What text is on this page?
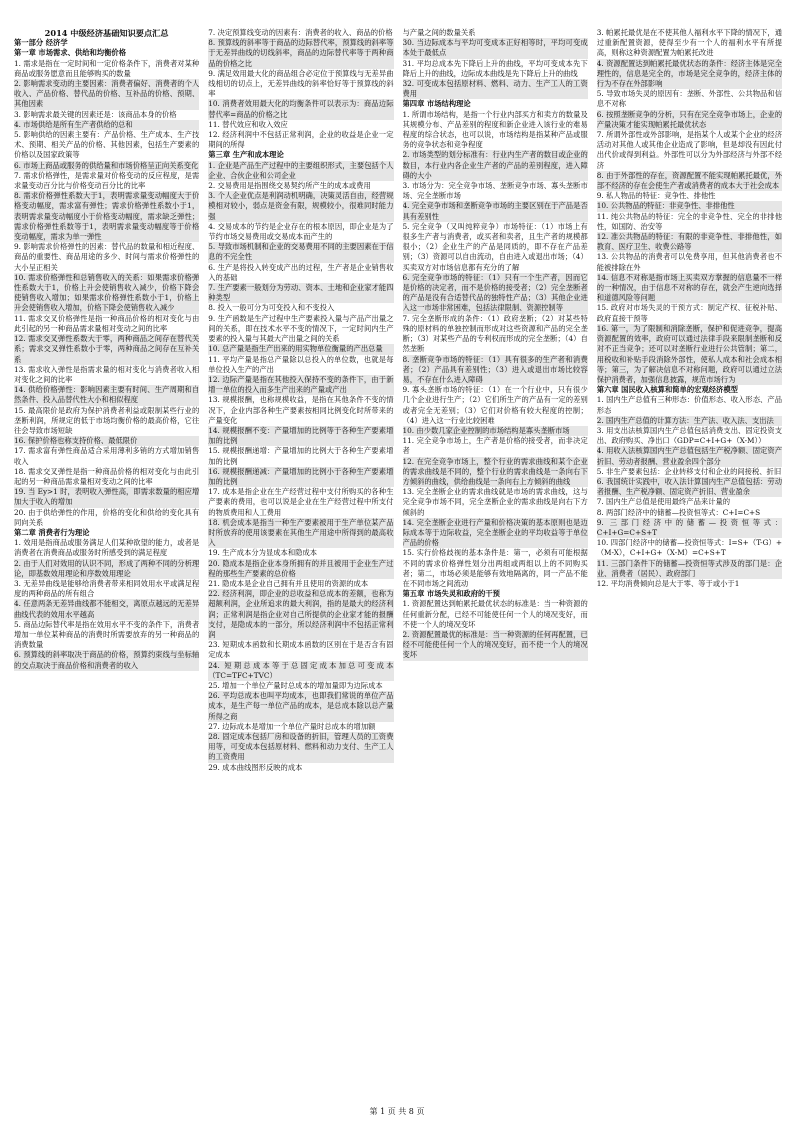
2014 中级经济基础知识要点汇总

第一部分 经济学

第一章 市场需求、供给和均衡价格

1. 需求是指在一定时间和一定价格条件下，消费者对某种商品或服务愿意而且能够购买的数量

2. 影响需求变动的主要因素：消费者偏好、消费者的个人收入、产品价格、替代品的价格、互补品的价格、预期、其他因素

3. 影响需求最关键的因素还是：该商品本身的价格

4. 市场供给是所有生产者供给的总和

5. 影响供给的因素主要有：产品价格、生产成本、生产技术、预期、相关产品的价格、其他因素，包括生产要素的价格以及国家政策等

6. 市场上商品或服务的供给量和市场价格呈正向关系变化

7. 需求价格弹性，是需求量对价格变动的反应程度，是需求量变动百分比与价格变动百分比的比率

8. 需求价格弹性系数大于1，表明需求量变动幅度大于价格变动幅度，需求富有弹性；需求价格弹性系数小于1，表明需求量变动幅度小于价格变动幅度，需求缺乏弹性；需求价格弹性系数等于1，表明需求量变动幅度等于价格变动幅度，需求为单一弹性

9. 影响需求价格弹性的因素：替代品的数量和相近程度、商品的重要性、商品用途的多少、时间与需求价格弹性的大小呈正相关

10. 需求价格弹性和总销售收入的关系：如果需求价格弹性系数大于1，价格上升会使销售收入减少，价格下降会使销售收入增加；如果需求价格弹性系数小于1，价格上升会使销售收入增加，价格下降会使销售收入减少

11. 需求交叉价格弹性是指一种商品价格的相对变化与由此引起的另一种商品需求量相对变动之间的比率

12. 需求交叉弹性系数大于零，两种商品之间存在替代关系；需求交叉弹性系数小于零，两种商品之间存在互补关系

13. 需求收入弹性是指需求量的相对变化与消费者收入相对变化之间的比率

14. 供给价格弹性：影响因素主要有时间、生产周期和自然条件、投入品替代性大小和相似程度

15. 最高限价是政府为保护消费者利益或限制某些行业的垄断利润，所规定的低于市场均衡价格的最高价格，它往往会导致市场短缺

16. 保护价格也称支持价格、最低限价

17. 需求富有弹性商品适合采用薄利多销的方式增加销售收入

18. 需求交叉弹性是指一种商品价格的相对变化与由此引起的另一种商品需求量相对变动之间的比率

19. 当 Ey>1 时，表明收入弹性高，即需求数量的相应增加大于收入的增加

20. 由于供给弹性的作用，价格的变化和供给的变化具有同向关系

第二章 消费者行为理论

1. 效用是指商品或服务满足人们某种欲望的能力，或者是消费者在消费商品或服务时所感受到的满足程度

2. 由于人们对效用的认识不同，形成了两种不同的分析理论，即基数效用理论和序数效用理论

3. 无差异曲线是能够给消费者带来相同效用水平或满足程度的两种商品的所有组合

4. 任意两条无差异曲线都不能相交，离原点越远的无差异曲线代表的效用水平越高

5. 商品边际替代率是指在效用水平不变的条件下，消费者增加一单位某种商品的消费时所需要放弃的另一种商品的消费数量

6. 预算线的斜率取决于商品的价格，预算约束线与坐标轴的交点取决于商品价格和消费者的收入

7. 决定预算线变动的因素有：消费者的收入、商品的价格

8. 预算线的斜率等于商品的边际替代率，预算线的斜率等于无差异曲线的切线斜率，商品的边际替代率等于两种商品的价格之比

9. 满足效用最大化的商品组合必定位于预算线与无差异曲线相切的切点上，无差异曲线的斜率恰好等于预算线的斜率

10. 消费者效用最大化的均衡条件可以表示为：商品边际替代率=商品的价格之比

11. 替代效应和收入效应

12. 经济利润中不包括正常利润，企业的收益是企业一定期间的所得

第三章 生产和成本理论

1. 企业是产品生产过程中的主要组织形式，主要包括个人企业、合伙企业和公司企业

2. 交易费用是指围绕交易契约所产生的成本或费用

3. 个人企业优点是利润动机明确，决策灵活自由，经营规模相对较小，弱点是资金有限，规模较小，很难同时能力强

4. 交易成本的节约是企业存在的根本原因，即企业是为了节约市场交易费用或交易成本而产生的

5. 导致市场机制和企业的交易费用不同的主要因素在于信息的不完全性

6. 生产是将投入转变成产出的过程，生产者是企业销售收入的基础

7. 生产要素一般划分为劳动、资本、土地和企业家才能四种类型

8. 投入一般可分为可变投入和不变投入

9. 生产函数是生产过程中生产要素投入量与产品产出量之间的关系，即在技术水平不变的情况下，一定时间内生产要素的投入量与其最大产出量之间的关系

10. 总产量是指生产出来的用实物单位衡量的产出总量

11. 平均产量是指总产量除以总投入的单位数，也就是每单位投入生产的产出

12. 边际产量是指在其他投入保持不变的条件下，由于新增一单位的投入而多生产出来的产量或产出

13. 规模报酬，也称规模收益，是指在其他条件不变的情况下，企业内部各种生产要素按相同比例变化时所带来的产量变化

14. 规模报酬不变：产量增加的比例等于各种生产要素增加的比例

15. 规模报酬递增：产量增加的比例大于各种生产要素增加的比例

16. 规模报酬递减：产量增加的比例小于各种生产要素增加的比例

17. 成本是指企业在生产经营过程中支付所购买的各种生产要素的费用，也可以说是企业在生产经营过程中所支付的物质费用和人工费用

18. 机会成本是指当一种生产要素被用于生产单位某产品时所放弃的使用该要素在其他生产用途中所得到的最高收入

19. 生产成本分为显成本和隐成本

20. 隐成本是指企业本身所拥有的并且被用于企业生产过程的那些生产要素的总价格

21. 隐成本是企业自己拥有并且使用的资源的成本

22. 经济利润，即企业的总收益和总成本的差额，也称为超额利润，企业所追求的最大利润，指的是最大的经济利润；正常利润是指企业对自己所提供的企业家才能的报酬支付，是隐成本的一部分，所以经济利润中不包括正常利润

23. 短期成本函数和长期成本函数的区别在于是否含有固定成本

24. 短期总成本等于总固定成本加总可变成本（TC=TFC+TVC）

25. 增加一个单位产量时总成本的增加量即为边际成本

26. 平均总成本也叫平均成本，也即我们常说的单位产品成本，是生产每一单位产品的成本，是总成本除以总产量所得之商

27. 边际成本是增加一个单位产量时总成本的增加额

28. 固定成本包括厂房和设备的折旧，管理人员的工资费用等，可变成本包括原材料、燃料和动力支付、生产工人的工资费用

29. 成本曲线图形反映的成本

与产量之间的数量关系

30. 当边际成本与平均可变成本正好相等时，平均可变成本处于最低点

31. 平均总成本先下降后上升的曲线，平均可变成本先下降后上升的曲线，边际成本曲线是先下降后上升的曲线

32. 可变成本包括原材料、燃料、动力、生产工人的工资费用

第四章 市场结构理论

1. 所谓市场结构，是指一个行业内部买方和卖方的数量及其规模分布、产品差别的程度和新企业进入该行业的难易程度的综合状态，也可以说，市场结构是指某种产品或服务的竞争状态和竞争程度

2. 市场类型的划分标准有：行业内生产者的数目或企业的数目，本行业内各企业生产者的产品的差别程度，进入障碍的大小

3. 市场分为：完全竞争市场、垄断竞争市场、寡头垄断市场、完全垄断市场

4. 完全竞争市场和垄断竞争市场的主要区别在于产品是否具有差别性

5. 完全竞争（又叫纯粹竞争）市场特征：（1）市场上有很多生产者与消费者，或买者和卖者，且生产者的规模都很小；（2）企业生产的产品是同质的，即不存在产品差别；（3）资源可以自由流动，自由进入或退出市场；（4）买卖双方对市场信息都有充分的了解

6. 完全竞争市场的特征：（1）只有一个生产者，因而它是价格的决定者，而不是价格的接受者；（2）完全垄断者的产品是没有合适替代品的独特性产品；（3）其他企业进入这一市场非常困难，包括法律限制、资源控制等

7. 完全垄断形成的条件：（1）政府垄断；（2）对某些特殊的原材料的单独控制而形成对这些资源和产品的完全垄断；（3）对某些产品的专利权而形成的完全垄断；（4）自然垄断

8. 垄断竞争市场的特征：（1）具有很多的生产者和消费者；（2）产品具有差别性；（3）进入或退出市场比较容易，不存在什么进入障碍

9. 寡头垄断市场的特征：（1）在一个行业中，只有很少几个企业进行生产；（2）它们所生产的产品有一定的差别或者完全无差别；（3）它们对价格有较大程度的控制；（4）进入这一行业比较困难

10. 由少数几家企业控制的市场结构是寡头垄断市场

11. 完全竞争市场上，生产者是价格的接受者，而非决定者

12. 在完全竞争市场上，整个行业的需求曲线和某个企业的需求曲线是不同的，整个行业的需求曲线是一条向右下方倾斜的曲线，供给曲线是一条向右上方倾斜的曲线

13. 完全垄断企业的需求曲线就是市场的需求曲线，这与完全竞争市场不同，完全垄断企业的需求曲线是向右下方倾斜的

14. 完全垄断企业进行产量和价格决策的基本原则也是边际成本等于边际收益，完全垄断企业的平均收益等于单位产品的价格

15. 实行价格歧视的基本条件是：第一，必须有可能根据不同的需求价格弹性划分出两组或两组以上的不同购买者；第二，市场必须是能够有效地隔离的，同一产品不能在不同市场之间流动

第五章 市场失灵和政府的干预

1. 资源配置达到帕累托最优状态的标准是：当一种资源的任何重新分配，已经不可能使任何一个人的境况变好，而不使一个人的境况变坏

2. 资源配置最优的标准是：当一种资源的任何再配置，已经不可能使任何一个人的境况变好，而不使一个人的境况变坏

3. 帕累托最优是在不使其他人福利水平下降的情况下，通过重新配置资源，使得至少有一个人的福利水平有所提高，则称这种资源配置为帕累托改进

4. 资源配置达到帕累托最优状态的条件：经济主体是完全理性的，信息是完全的，市场是完全竞争的，经济主体的行为不存在外部影响

5. 导致市场失灵的原因有：垄断、外部性、公共物品和信息不对称

6. 按照垄断竞争的分析，只有在完全竞争市场上，企业的产量决策才能实现帕累托最优状态

7. 所谓外部性或外部影响，是指某个人或某个企业的经济活动对其他人或其他企业造成了影响，但是却没有因此付出代价或得到利益。外部性可以分为外部经济与外部不经济

8. 由于外部性的存在，资源配置不能实现帕累托最优，外部不经济的存在会使生产者或消费者的成本大于社会成本

9. 私人物品的特征：竞争性、排他性

10. 公共物品的特征：非竞争性、非排他性

11. 纯公共物品的特征：完全的非竞争性、完全的非排他性，如国防、治安等

12. 准公共物品的特征：有限的非竞争性、非排他性，如教育、医疗卫生、收费公路等

13. 公共物品的消费者可以免费享用，但其他消费者也不能被排除在外

14. 信息不对称是指市场上买卖双方掌握的信息量不一样的一种情况，由于信息不对称的存在，就会产生逆向选择和道德风险等问题

15. 政府对市场失灵的干预方式：制定产权、征税补贴、政府直接干预等

16. 第一，为了限制和消除垄断，保护和促进竞争，提高资源配置的效率，政府可以通过法律手段来限制垄断和反对不正当竞争；还可以对垄断行业进行公共管制；第二，用税收和补贴手段消除外部性，使私人成本和社会成本相等；第三，为了解决信息不对称问题，政府可以通过立法保护消费者，加强信息披露，规范市场行为

第六章 国民收入核算和简单的宏观经济模型

1. 国内生产总值有三种形态：价值形态、收入形态、产品形态

2. 国内生产总值的计算方法：生产法、收入法、支出法

3. 用支出法核算国内生产总值包括消费支出、固定投资支出、政府购买、净出口（GDP=C+I+G+（X-M））

4. 用收入法核算国内生产总值包括生产税净额、固定资产折旧、劳动者报酬、营业盈余四个部分

5. 非生产要素包括：企业转移支付和企业的间接税、折旧

6. 我国统计实践中，收入法计算国内生产总值包括：劳动者报酬、生产税净额、固定资产折旧、营业盈余

7. 国内生产总值是使用最终产品来计量的

8. 两部门经济中的储蓄—投资恒等式：C+I=C+S

9. 三部门经济中的储蓄—投资恒等式：C+I+G=C+S+T

10. 四部门经济中的储蓄—投资恒等式：I=S+（T-G）+（M-X），C+I+G+（X-M）=C+S+T

11. 三部门条件下的储蓄—投资恒等式涉及的部门是：企业、消费者（居民）、政府部门

12. 平均消费倾向总是大于零、等于或小于1

第 1 页 共 8 页
